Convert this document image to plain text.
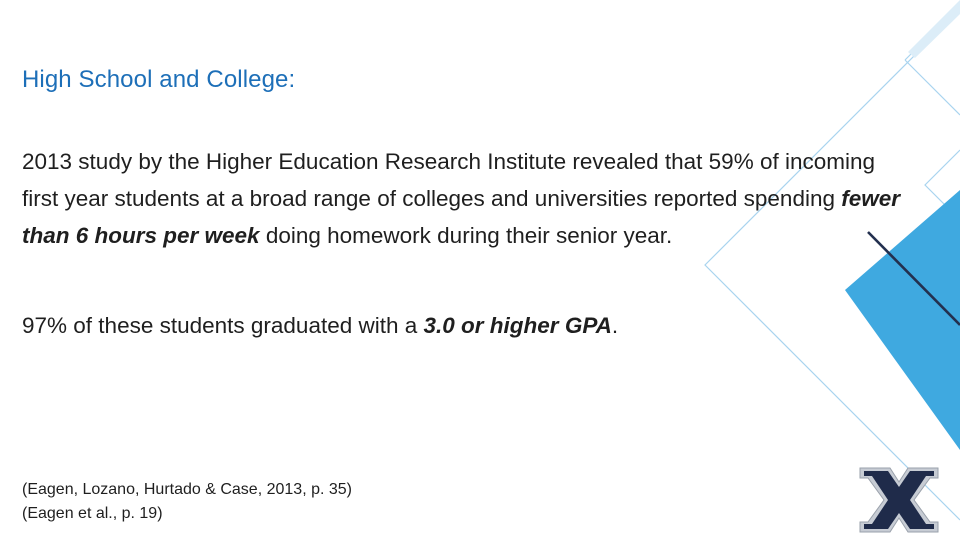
High School and College:

2013 study by the Higher Education Research Institute revealed that 59% of incoming first year students at a broad range of colleges and universities reported spending fewer than 6 hours per week doing homework during their senior year.

97% of these students graduated with a 3.0 or higher GPA.

(Eagen, Lozano, Hurtado & Case, 2013, p. 35)
(Eagen et al., p. 19)
